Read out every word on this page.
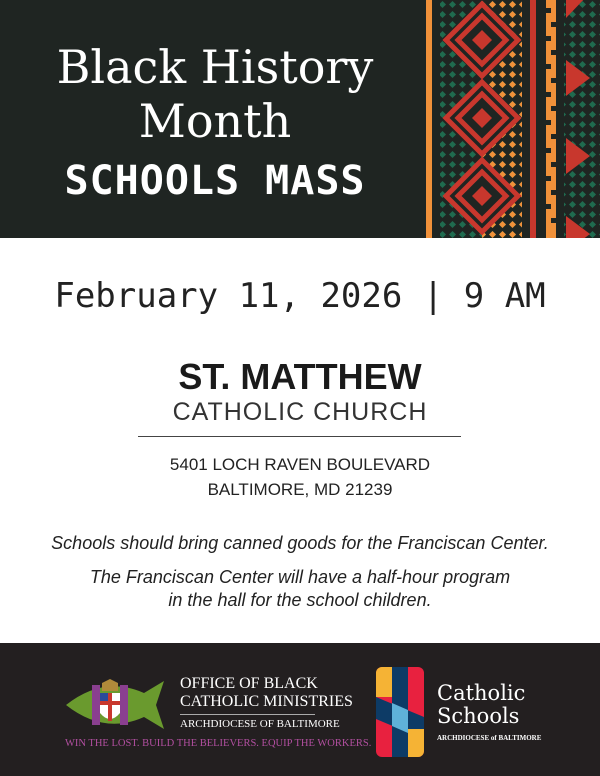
Black History
Month
SCHOOLS MASS
February 11, 2026 | 9 AM
ST. MATTHEW
CATHOLIC CHURCH
5401 LOCH RAVEN BOULEVARD
BALTIMORE, MD 21239
Schools should bring canned goods for the Franciscan Center.
The Franciscan Center will have a half-hour program
in the hall for the school children.
OFFICE OF BLACK
CATHOLIC MINISTRIES
ARCHDIOCESE OF BALTIMORE
WIN THE LOST. BUILD THE BELIEVERS. EQUIP THE WORKERS.
Catholic
Schools
ARCHDIOCESE of BALTIMORE
